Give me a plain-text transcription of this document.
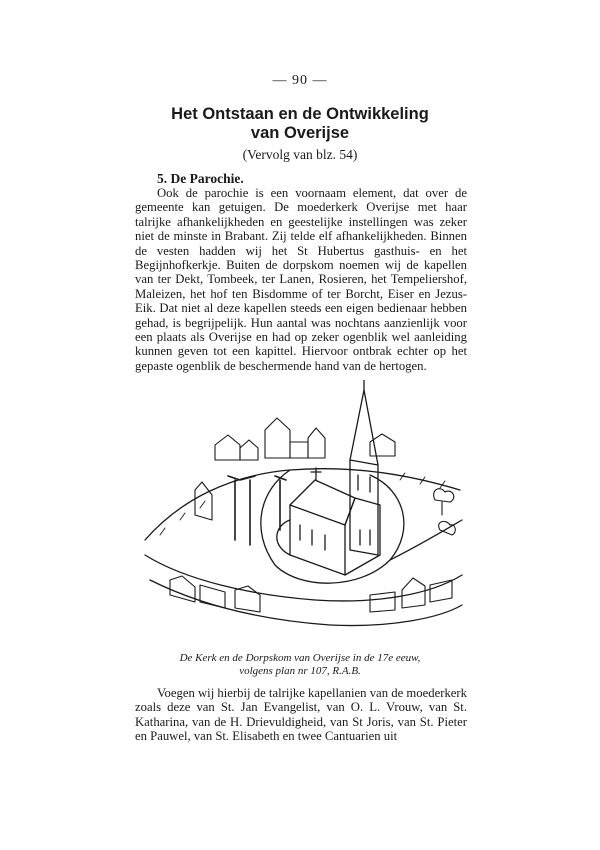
— 90 —
Het Ontstaan en de Ontwikkeling
van Overijse
(Vervolg van blz. 54)
5. De Parochie.

Ook de parochie is een voornaam element, dat over de gemeente kan getuigen. De moederkerk Overijse met haar talrijke afhankelijkheden en geestelijke instellingen was zeker niet de minste in Brabant. Zij telde elf afhankelijkheden. Binnen de vesten hadden wij het St Hubertus gasthuis- en het Begijnhofkerkje. Buiten de dorpskom noemen wij de kapellen van ter Dekt, Tombeek, ter Lanen, Rosieren, het Tempeliershof, Maleizen, het hof ten Bisdomme of ter Borcht, Eiser en Jezus-Eik. Dat niet al deze kapellen steeds een eigen bedienaar hebben gehad, is begrijpelijk. Hun aantal was nochtans aanzienlijk voor een plaats als Overijse en had op zeker ogenblik wel aanleiding kunnen geven tot een kapittel. Hiervoor ontbrak echter op het gepaste ogenblik de beschermende hand van de hertogen.

De Kerk en de Dorpskom van Overijse in de 17e eeuw,
volgens plan nr 107, R.A.B.

Voegen wij hierbij de talrijke kapellanien van de moederkerk zoals deze van St. Jan Evangelist, van O. L. Vrouw, van St. Katharina, van de H. Drievuldigheid, van St Joris, van St. Pieter en Pauwel, van St. Elisabeth en twee Cantuarien uit
